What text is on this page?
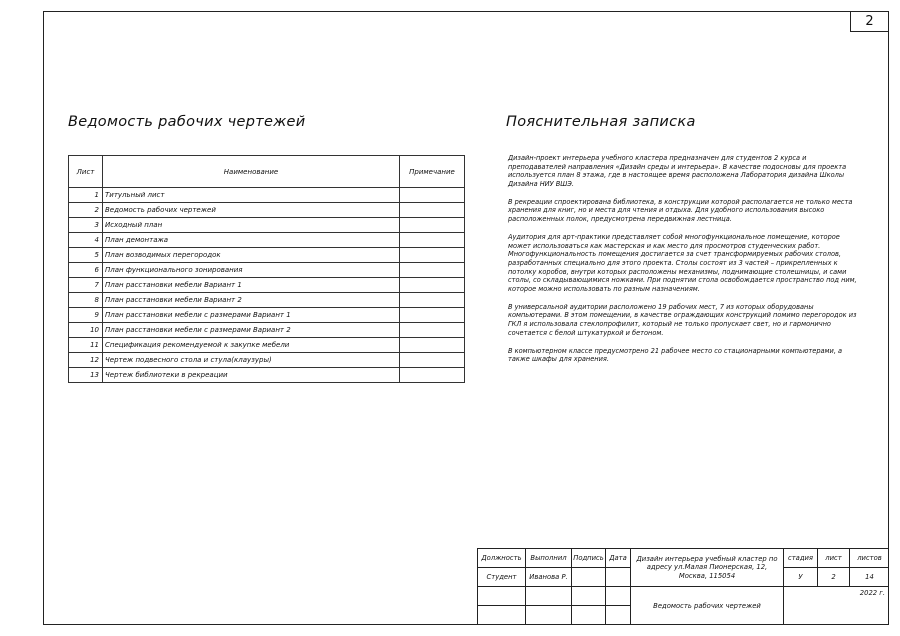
2
Ведомость рабочих чертежей
Лист	Наименование	Примечание
1	Титульный лист	
2	Ведомость рабочих чертежей	
3	Исходный план	
4	План демонтажа	
5	План возводимых перегородок	
6	План функционального зонирования	
7	План расстановки мебели Вариант 1	
8	План расстановки мебели Вариант 2	
9	План расстановки мебели с размерами Вариант 1	
10	План расстановки мебели с размерами Вариант 2	
11	Спецификация рекомендуемой к закупке мебели	
12	Чертеж подвесного стола и стула(клаузуры)	
13	Чертеж библиотеки в рекреации	
Пояснительная записка

Дизайн-проект интерьера учебного кластера предназначен для студентов 2 курса и преподавателей направления «Дизайн среды и интерьера». В качестве подосновы для проекта используется план 8 этажа, где в настоящее время расположена Лаборатория дизайна Школы Дизайна НИУ ВШЭ.

В рекреации спроектирована библиотека, в конструкции которой располагается не только места хранения для книг, но и места для чтения и отдыха. Для удобного использования высоко расположенных полок, предусмотрена передвижная лестница.

Аудитория для арт-практики представляет собой многофункциональное помещение, которое может использоваться как мастерская и как место для просмотров студенческих работ. Многофункциональность помещения достигается за счет трансформируемых рабочих столов, разработанных специально для этого проекта. Столы состоят из 3 частей – прикрепленных к потолку коробов, внутри которых расположены механизмы, поднимающие столешницы, и сами столы, со складывающимися ножками. При поднятии стола освобождается пространство под ним, которое можно использовать по разным назначениям.

В универсальной аудитории расположено 19 рабочих мест, 7 из которых оборудованы компьютерами. В этом помещении, в качестве ограждающих конструкций помимо перегородок из ГКЛ я использовала стеклопрофилит, который не только пропускает свет, но и гармонично сочетается с белой штукатуркой и бетоном.

В компьютерном классе предусмотрено 21 рабочее место со стационарными компьютерами, а также шкафы для хранения.

Должность	Выполнил Подпись Дата
Студент	Иванова Р.
Дизайн интерьера учебный кластер по адресу ул.Малая Пионерская, 12, Москва, 115054
Ведомость рабочих чертежей
стадия	лист	листов
У	2	14
2022 г.
